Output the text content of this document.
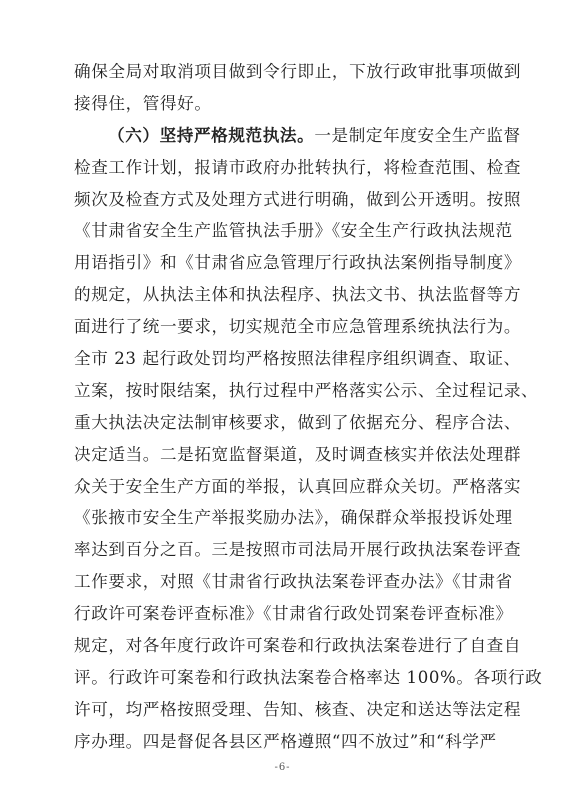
确保全局对取消项目做到令行即止，下放行政审批事项做到
接得住，管得好。
（六）坚持严格规范执法。一是制定年度安全生产监督
检查工作计划，报请市政府办批转执行，将检查范围、检查
频次及检查方式及处理方式进行明确，做到公开透明。按照
《甘肃省安全生产监管执法手册》《安全生产行政执法规范
用语指引》和《甘肃省应急管理厅行政执法案例指导制度》
的规定，从执法主体和执法程序、执法文书、执法监督等方
面进行了统一要求，切实规范全市应急管理系统执法行为。
全市 23 起行政处罚均严格按照法律程序组织调查、取证、
立案，按时限结案，执行过程中严格落实公示、全过程记录、
重大执法决定法制审核要求，做到了依据充分、程序合法、
决定适当。二是拓宽监督渠道，及时调查核实并依法处理群
众关于安全生产方面的举报，认真回应群众关切。严格落实
《张掖市安全生产举报奖励办法》，确保群众举报投诉处理
率达到百分之百。三是按照市司法局开展行政执法案卷评查
工作要求，对照《甘肃省行政执法案卷评查办法》《甘肃省
行政许可案卷评查标准》《甘肃省行政处罚案卷评查标准》
规定，对各年度行政许可案卷和行政执法案卷进行了自查自
评。行政许可案卷和行政执法案卷合格率达 100%。各项行政
许可，均严格按照受理、告知、核查、决定和送达等法定程
序办理。四是督促各县区严格遵照“四不放过”和“科学严
-6-
